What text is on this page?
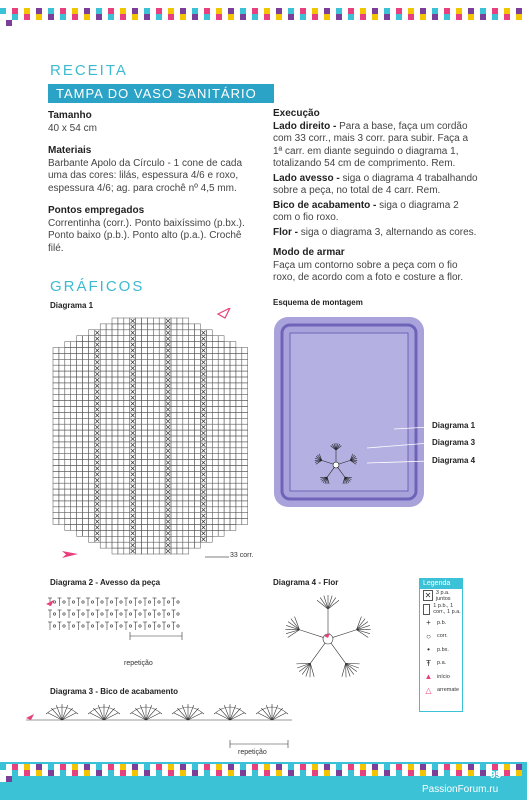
RECEITA
TAMPA DO VASO SANITÁRIO
Tamanho

40 x 54 cm

Materiais

Barbante Apolo da Círculo - 1 cone de cada uma das cores: lilás, espessura 4/6 e roxo, espessura 4/6; ag. para crochê nº 4,5 mm.

Pontos empregados

Correntinha (corr.). Ponto baixíssimo (p.bx.). Ponto baixo (p.b.). Ponto alto (p.a.). Crochê filé.

Execução

Lado direito - Para a base, faça um cordão com 33 corr., mais 3 corr. para subir. Faça a 1ª carr. em diante seguindo o diagrama 1, totalizando 54 cm de comprimento. Rem.

Lado avesso - siga o diagrama 4 trabalhando sobre a peça, no total de 4 carr. Rem.

Bico de acabamento - siga o diagrama 2 com o fio roxo.

Flor - siga o diagrama 3, alternando as cores.

Modo de armar

Faça um contorno sobre a peça com o fio roxo, de acordo com a foto e costure a flor.

GRÁFICOS
Diagrama 1
33 corr.
Esquema de montagem
Diagrama 1
Diagrama 3
Diagrama 4
Diagrama 2 - Avesso da peça
repetição
Diagrama 3 - Bico de acabamento
repetição
Diagrama 4 - Flor	Legenda
✕ 3 p.a. juntos
1 p.b., 1 corr., 1 p.a.
+	p.b.
○	corr.
•	p.bx.
Ŧ	p.a.
▲ início
△ arremate
95
PassionForum.ru
